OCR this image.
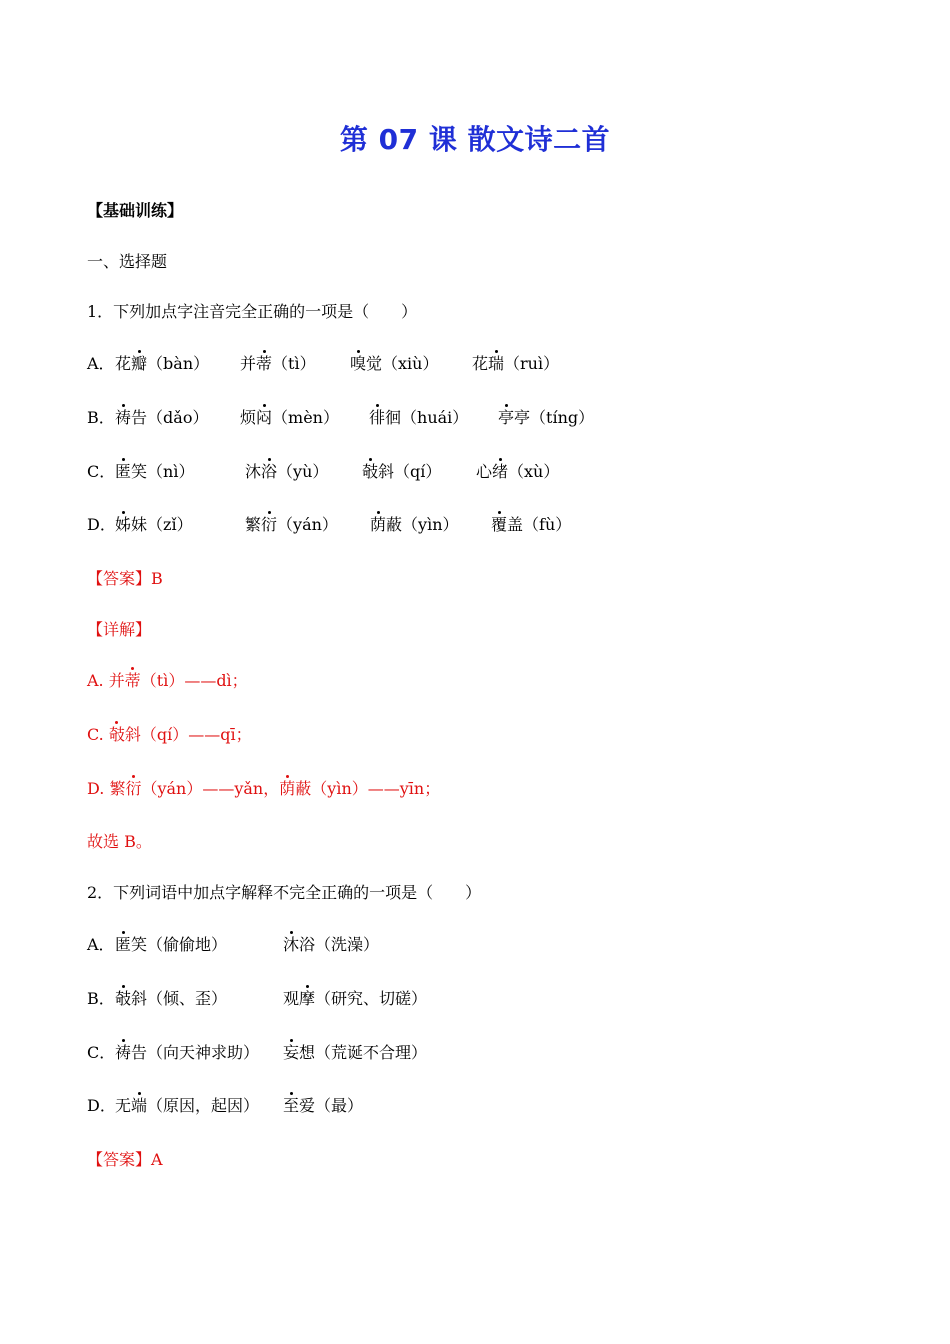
第 07 课 散文诗二首
【基础训练】
一、选择题
1．下列加点字注音完全正确的一项是（　　）
A． 花瓣（bàn） 并蒂（tì） 嗅觉（xiù） 花瑞（ruì）
B． 祷告（dǎo） 烦闷（mèn） 徘徊（huái） 亭亭（tíng）
C． 匿笑（nì）	沐浴（yù） 攲斜（qí） 心绪（xù）
D． 姊妹（zǐ）	繁衍（yán） 荫蔽（yìn） 覆盖（fù）
【答案】B
【详解】
A. 并蒂（tì）——dì；
C. 攲斜（qí）——qī；
D. 繁衍（yán）——yǎn，荫蔽（yìn）——yīn；
故选 B。
2．下列词语中加点字解释不完全正确的一项是（　　）
A． 匿笑（偷偷地）	沐浴（洗澡）
B． 攲斜（倾、歪）	观摩（研究、切磋）
C． 祷告（向天神求助） 妄想（荒诞不合理）
D． 无端（原因，起因） 至爱（最）
【答案】A
